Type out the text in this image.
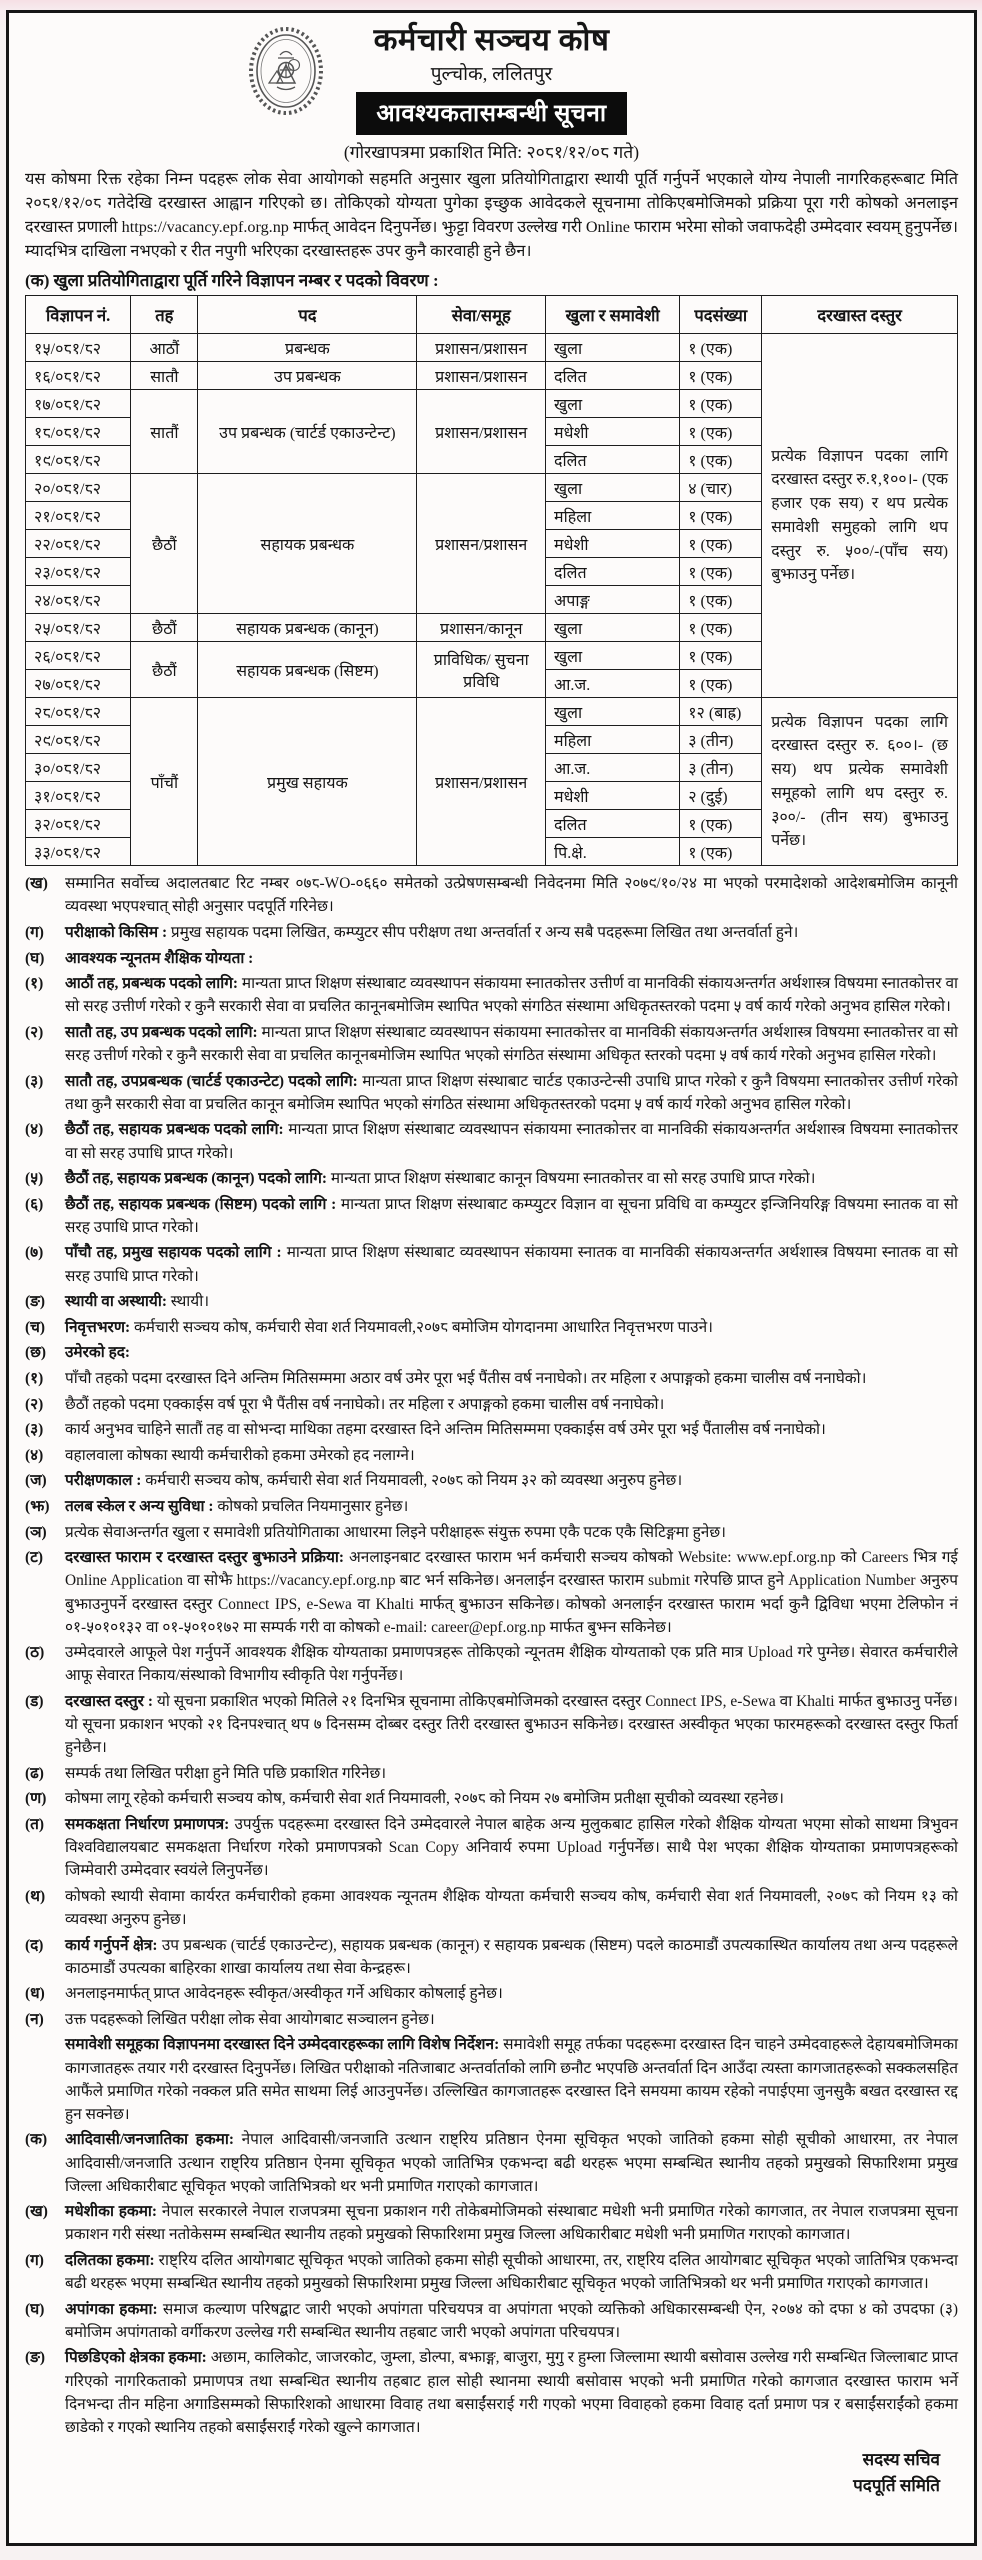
कर्मचारी सञ्चय कोष
पुल्चोक, ललितपुर
आवश्यकतासम्बन्धी सूचना
(गोरखापत्रमा प्रकाशित मिति: २०८१/१२/०८ गते)
यस कोषमा रिक्त रहेका निम्न पदहरू लोक सेवा आयोगको सहमति अनुसार खुला प्रतियोगिताद्वारा स्थायी पूर्ति गर्नुपर्ने भएकाले योग्य नेपाली नागरिकहरूबाट मिति २०८१/१२/०८ गतेदेखि दरखास्त आह्वान गरिएको छ। तोकिएको योग्यता पुगेका इच्छुक आवेदकले सूचनामा तोकिएबमोजिमको प्रक्रिया पूरा गरी कोषको अनलाइन दरखास्त प्रणाली https://vacancy.epf.org.np मार्फत् आवेदन दिनुपर्नेछ। झुट्टा विवरण उल्लेख गरी Online फाराम भरेमा सोको जवाफदेही उम्मेदवार स्वयम् हुनुपर्नेछ। म्यादभित्र दाखिला नभएको र रीत नपुगी भरिएका दरखास्तहरू उपर कुनै कारवाही हुने छैन।
(क) खुला प्रतियोगिताद्वारा पूर्ति गरिने विज्ञापन नम्बर र पदको विवरण :
विज्ञापन नं.	तह	पद	सेवा/समूह	खुला र समावेशी	पदसंख्या	दरखास्त दस्तुर
१५/०८१/८२	आठौं	प्रबन्धक	प्रशासन/प्रशासन	खुला	१ (एक)	प्रत्येक विज्ञापन पदका लागि दरखास्त दस्तुर रु.१,१००।- (एक हजार एक सय) र थप प्रत्येक समावेशी समुहको लागि थप दस्तुर रु. ५००/-(पाँच सय) बुझाउनु पर्नेछ।
१६/०८१/८२	सातौ	उप प्रबन्धक	प्रशासन/प्रशासन	दलित	१ (एक)	
१७/०८१/८२	सातौं	उप प्रबन्धक (चार्टर्ड एकाउन्टेन्ट)	प्रशासन/प्रशासन	खुला	१ (एक)	
१८/०८१/८२				मधेशी	१ (एक)	
१९/०८१/८२				दलित	१ (एक)	
२०/०८१/८२	छैठौं	सहायक प्रबन्धक	प्रशासन/प्रशासन	खुला	४ (चार)	
२१/०८१/८२				महिला	१ (एक)	
२२/०८१/८२				मधेशी	१ (एक)	
२३/०८१/८२				दलित	१ (एक)	
२४/०८१/८२				अपाङ्ग	१ (एक)	
२५/०८१/८२	छैठौं	सहायक प्रबन्धक (कानून)	प्रशासन/कानून	खुला	१ (एक)	
२६/०८१/८२	छैठौं	सहायक प्रबन्धक (सिष्टम)	प्राविधिक/ सुचना प्रविधि	खुला	१ (एक)	
२७/०८१/८२				आ.ज.	१ (एक)	
२८/०८१/८२	पाँचौं	प्रमुख सहायक	प्रशासन/प्रशासन	खुला	१२ (बाह्र)	प्रत्येक विज्ञापन पदका लागि दरखास्त दस्तुर रु. ६००।- (छ सय) थप प्रत्येक समावेशी समूहको लागि थप दस्तुर रु. ३००/- (तीन सय) बुझाउनु पर्नेछ।
२९/०८१/८२				महिला	३ (तीन)	
३०/०८१/८२				आ.ज.	३ (तीन)	
३१/०८१/८२				मधेशी	२ (दुई)	
३२/०८१/८२				दलित	१ (एक)	
३३/०८१/८२				पि.क्षे.	१ (एक)	
(ख)	सम्मानित सर्वोच्च अदालतबाट रिट नम्बर ०७८-WO-०६६० समेतको उत्प्रेषणसम्बन्धी निवेदनमा मिति २०७९/१०/२४ मा भएको परमादेशको आदेशबमोजिम कानूनी व्यवस्था भएपश्चात् सोही अनुसार पदपूर्ति गरिनेछ।
(ग)	परीक्षाको किसिम : प्रमुख सहायक पदमा लिखित, कम्प्युटर सीप परीक्षण तथा अन्तर्वार्ता र अन्य सबै पदहरूमा लिखित तथा अन्तर्वार्ता हुने।
(घ)	आवश्यक न्यूनतम शैक्षिक योग्यता :
(१)	आठौं तह, प्रबन्धक पदको लागि: मान्यता प्राप्त शिक्षण संस्थाबाट व्यवस्थापन संकायमा स्नातकोत्तर उत्तीर्ण वा मानविकी संकायअन्तर्गत अर्थशास्त्र विषयमा स्नातकोत्तर वा सो सरह उत्तीर्ण गरेको र कुनै सरकारी सेवा वा प्रचलित कानूनबमोजिम स्थापित भएको संगठित संस्थामा अधिकृतस्तरको पदमा ५ वर्ष कार्य गरेको अनुभव हासिल गरेको।
(२)	सातौ तह, उप प्रबन्धक पदको लागि: मान्यता प्राप्त शिक्षण संस्थाबाट व्यवस्थापन संकायमा स्नातकोत्तर वा मानविकी संकायअन्तर्गत अर्थशास्त्र विषयमा स्नातकोत्तर वा सो सरह उत्तीर्ण गरेको र कुनै सरकारी सेवा वा प्रचलित कानूनबमोजिम स्थापित भएको संगठित संस्थामा अधिकृत स्तरको पदमा ५ वर्ष कार्य गरेको अनुभव हासिल गरेको।
(३)	सातौ तह, उपप्रबन्धक (चार्टर्ड एकाउन्टेट) पदको लागि: मान्यता प्राप्त शिक्षण संस्थाबाट चार्टड एकाउन्टेन्सी उपाधि प्राप्त गरेको र कुनै विषयमा स्नातकोत्तर उत्तीर्ण गरेको तथा कुनै सरकारी सेवा वा प्रचलित कानून बमोजिम स्थापित भएको संगठित संस्थामा अधिकृतस्तरको पदमा ५ वर्ष कार्य गरेको अनुभव हासिल गरेको।
(४)	छैठौं तह, सहायक प्रबन्धक पदको लागि: मान्यता प्राप्त शिक्षण संस्थाबाट व्यवस्थापन संकायमा स्नातकोत्तर वा मानविकी संकायअन्तर्गत अर्थशास्त्र विषयमा स्नातकोत्तर वा सो सरह उपाधि प्राप्त गरेको।
(५)	छैठौं तह, सहायक प्रबन्धक (कानून) पदको लागि: मान्यता प्राप्त शिक्षण संस्थाबाट कानून विषयमा स्नातकोत्तर वा सो सरह उपाधि प्राप्त गरेको।
(६)	छैठौं तह, सहायक प्रबन्धक (सिष्टम) पदको लागि : मान्यता प्राप्त शिक्षण संस्थाबाट कम्प्युटर विज्ञान वा सूचना प्रविधि वा कम्प्युटर इन्जिनियरिङ्ग विषयमा स्नातक वा सो सरह उपाधि प्राप्त गरेको।
(७)	पाँचौ तह, प्रमुख सहायक पदको लागि : मान्यता प्राप्त शिक्षण संस्थाबाट व्यवस्थापन संकायमा स्नातक वा मानविकी संकायअन्तर्गत अर्थशास्त्र विषयमा स्नातक वा सो सरह उपाधि प्राप्त गरेको।
(ङ)	स्थायी वा अस्थायी: स्थायी।
(च)	निवृत्तभरण: कर्मचारी सञ्चय कोष, कर्मचारी सेवा शर्त नियमावली,२०७८ बमोजिम योगदानमा आधारित निवृत्तभरण पाउने।
(छ)	उमेरको हद:
(१)	पाँचौ तहको पदमा दरखास्त दिने अन्तिम मितिसम्ममा अठार वर्ष उमेर पूरा भई पैंतीस वर्ष ननाघेको। तर महिला र अपाङ्गको हकमा चालीस वर्ष ननाघेको।
(२)	छैठौं तहको पदमा एक्काईस वर्ष पूरा भै पैंतीस वर्ष ननाघेको। तर महिला र अपाङ्गको हकमा चालीस वर्ष ननाघेको।
(३)	कार्य अनुभव चाहिने सातौं तह वा सोभन्दा माथिका तहमा दरखास्त दिने अन्तिम मितिसम्ममा एक्काईस वर्ष उमेर पूरा भई पैंतालीस वर्ष ननाघेको।
(४)	वहालवाला कोषका स्थायी कर्मचारीको हकमा उमेरको हद नलाग्ने।
(ज)	परीक्षणकाल : कर्मचारी सञ्चय कोष, कर्मचारी सेवा शर्त नियमावली, २०७८ को नियम ३२ को व्यवस्था अनुरुप हुनेछ।
(झ)	तलब स्केल र अन्य सुविधा : कोषको प्रचलित नियमानुसार हुनेछ।
(ञ)	प्रत्येक सेवाअन्तर्गत खुला र समावेशी प्रतियोगिताका आधारमा लिइने परीक्षाहरू संयुक्त रुपमा एकै पटक एकै सिटिङ्गमा हुनेछ।
(ट)	दरखास्त फाराम र दरखास्त दस्तुर बुझाउने प्रक्रिया: अनलाइनबाट दरखास्त फाराम भर्न कर्मचारी सञ्चय कोषको Website: www.epf.org.np को Careers भित्र गई Online Application वा सोझै https://vacancy.epf.org.np बाट भर्न सकिनेछ। अनलाईन दरखास्त फाराम submit गरेपछि प्राप्त हुने Application Number अनुरुप बुझाउनुपर्ने दरखास्त दस्तुर Connect IPS, e-Sewa वा Khalti मार्फत् बुझाउन सकिनेछ। कोषको अनलाईन दरखास्त फाराम भर्दा कुनै द्विविधा भएमा टेलिफोन नं ०१-५०१०१३२ वा ०१-५०१०१७२ मा सम्पर्क गरी वा कोषको e-mail: career@epf.org.np मार्फत बुझ्न सकिनेछ।
(ठ)	उम्मेदवारले आफूले पेश गर्नुपर्ने आवश्यक शैक्षिक योग्यताका प्रमाणपत्रहरू तोकिएको न्यूनतम शैक्षिक योग्यताको एक प्रति मात्र Upload गरे पुग्नेछ। सेवारत कर्मचारीले आफू सेवारत निकाय/संस्थाको विभागीय स्वीकृति पेश गर्नुपर्नेछ।
(ड)	दरखास्त दस्तुर : यो सूचना प्रकाशित भएको मितिले २१ दिनभित्र सूचनामा तोकिएबमोजिमको दरखास्त दस्तुर Connect IPS, e-Sewa वा Khalti मार्फत बुझाउनु पर्नेछ। यो सूचना प्रकाशन भएको २१ दिनपश्चात् थप ७ दिनसम्म दोब्बर दस्तुर तिरी दरखास्त बुझाउन सकिनेछ। दरखास्त अस्वीकृत भएका फारमहरूको दरखास्त दस्तुर फिर्ता हुनेछैन।
(ढ)	सम्पर्क तथा लिखित परीक्षा हुने मिति पछि प्रकाशित गरिनेछ।
(ण)	कोषमा लागू रहेको कर्मचारी सञ्चय कोष, कर्मचारी सेवा शर्त नियमावली, २०७८ को नियम २७ बमोजिम प्रतीक्षा सूचीको व्यवस्था रहनेछ।
(त)	समकक्षता निर्धारण प्रमाणपत्र: उपर्युक्त पदहरूमा दरखास्त दिने उम्मेदवारले नेपाल बाहेक अन्य मुलुकबाट हासिल गरेको शैक्षिक योग्यता भएमा सोको साथमा त्रिभुवन विश्वविद्यालयबाट समकक्षता निर्धारण गरेको प्रमाणपत्रको Scan Copy अनिवार्य रुपमा Upload गर्नुपर्नेछ। साथै पेश भएका शैक्षिक योग्यताका प्रमाणपत्रहरूको जिम्मेवारी उम्मेदवार स्वयंले लिनुपर्नेछ।
(थ)	कोषको स्थायी सेवामा कार्यरत कर्मचारीको हकमा आवश्यक न्यूनतम शैक्षिक योग्यता कर्मचारी सञ्चय कोष, कर्मचारी सेवा शर्त नियमावली, २०७८ को नियम १३ को व्यवस्था अनुरुप हुनेछ।
(द)	कार्य गर्नुपर्ने क्षेत्र: उप प्रबन्धक (चार्टर्ड एकाउन्टेन्ट), सहायक प्रबन्धक (कानून) र सहायक प्रबन्धक (सिष्टम) पदले काठमाडौं उपत्यकास्थित कार्यालय तथा अन्य पदहरूले काठमाडौं उपत्यका बाहिरका शाखा कार्यालय तथा सेवा केन्द्रहरू।
(ध)	अनलाइनमार्फत् प्राप्त आवेदनहरू स्वीकृत/अस्वीकृत गर्ने अधिकार कोषलाई हुनेछ।
(न)	उक्त पदहरूको लिखित परीक्षा लोक सेवा आयोगबाट सञ्चालन हुनेछ।
समावेशी समूहका विज्ञापनमा दरखास्त दिने उम्मेदवारहरूका लागि विशेष निर्देशन: समावेशी समूह तर्फका पदहरूमा दरखास्त दिन चाहने उम्मेदवाहरूले देहायबमोजिमका कागजातहरू तयार गरी दरखास्त दिनुपर्नेछ। लिखित परीक्षाको नतिजाबाट अन्तर्वार्ताको लागि छनौट भएपछि अन्तर्वार्ता दिन आउँदा त्यस्ता कागजातहरूको सक्कलसहित आफैंले प्रमाणित गरेको नक्कल प्रति समेत साथमा लिई आउनुपर्नेछ। उल्लिखित कागजातहरू दरखास्त दिने समयमा कायम रहेको नपाईएमा जुनसुकै बखत दरखास्त रद्द हुन सक्नेछ।
(क)	आदिवासी/जनजातिका हकमा: नेपाल आदिवासी/जनजाति उत्थान राष्ट्रिय प्रतिष्ठान ऐनमा सूचिकृत भएको जातिको हकमा सोही सूचीको आधारमा, तर नेपाल आदिवासी/जनजाति उत्थान राष्ट्रिय प्रतिष्ठान ऐनमा सूचिकृत भएको जातिभित्र एकभन्दा बढी थरहरू भएमा सम्बन्धित स्थानीय तहको प्रमुखको सिफारिशमा प्रमुख जिल्ला अधिकारीबाट सूचिकृत भएको जातिभित्रको थर भनी प्रमाणित गराएको कागजात।
(ख)	मधेशीका हकमा: नेपाल सरकारले नेपाल राजपत्रमा सूचना प्रकाशन गरी तोकेबमोजिमको संस्थाबाट मधेशी भनी प्रमाणित गरेको कागजात, तर नेपाल राजपत्रमा सूचना प्रकाशन गरी संस्था नतोकेसम्म सम्बन्धित स्थानीय तहको प्रमुखको सिफारिशमा प्रमुख जिल्ला अधिकारीबाट मधेशी भनी प्रमाणित गराएको कागजात।
(ग)	दलितका हकमा: राष्ट्रिय दलित आयोगबाट सूचिकृत भएको जातिको हकमा सोही सूचीको आधारमा, तर, राष्ट्रिय दलित आयोगबाट सूचिकृत भएको जातिभित्र एकभन्दा बढी थरहरू भएमा सम्बन्धित स्थानीय तहको प्रमुखको सिफारिशमा प्रमुख जिल्ला अधिकारीबाट सूचिकृत भएको जातिभित्रको थर भनी प्रमाणित गराएको कागजात।
(घ)	अपांगका हकमा: समाज कल्याण परिषद्बाट जारी भएको अपांगता परिचयपत्र वा अपांगता भएको व्यक्तिको अधिकारसम्बन्धी ऐन, २०७४ को दफा ४ को उपदफा (३) बमोजिम अपांगताको वर्गीकरण उल्लेख गरी सम्बन्धित स्थानीय तहबाट जारी भएको अपांगता परिचयपत्र।
(ङ)	पिछडिएको क्षेत्रका हकमा: अछाम, कालिकोट, जाजरकोट, जुम्ला, डोल्पा, बझाङ्ग, बाजुरा, मुगु र हुम्ला जिल्लामा स्थायी बसोवास उल्लेख गरी सम्बन्धित जिल्लाबाट प्राप्त गरिएको नागरिकताको प्रमाणपत्र तथा सम्बन्धित स्थानीय तहबाट हाल सोही स्थानमा स्थायी बसोवास भएको भनी प्रमाणित गरेको कागजात दरखास्त फाराम भर्ने दिनभन्दा तीन महिना अगाडिसम्मको सिफारिशको आधारमा विवाह तथा बसाईंसराई गरी गएको भएमा विवाहको हकमा विवाह दर्ता प्रमाण पत्र र बसाईंसराईंको हकमा छाडेको र गएको स्थानिय तहको बसाईंसराईं गरेको खुल्ने कागजात।
सदस्य सचिव
पदपूर्ति समिति
